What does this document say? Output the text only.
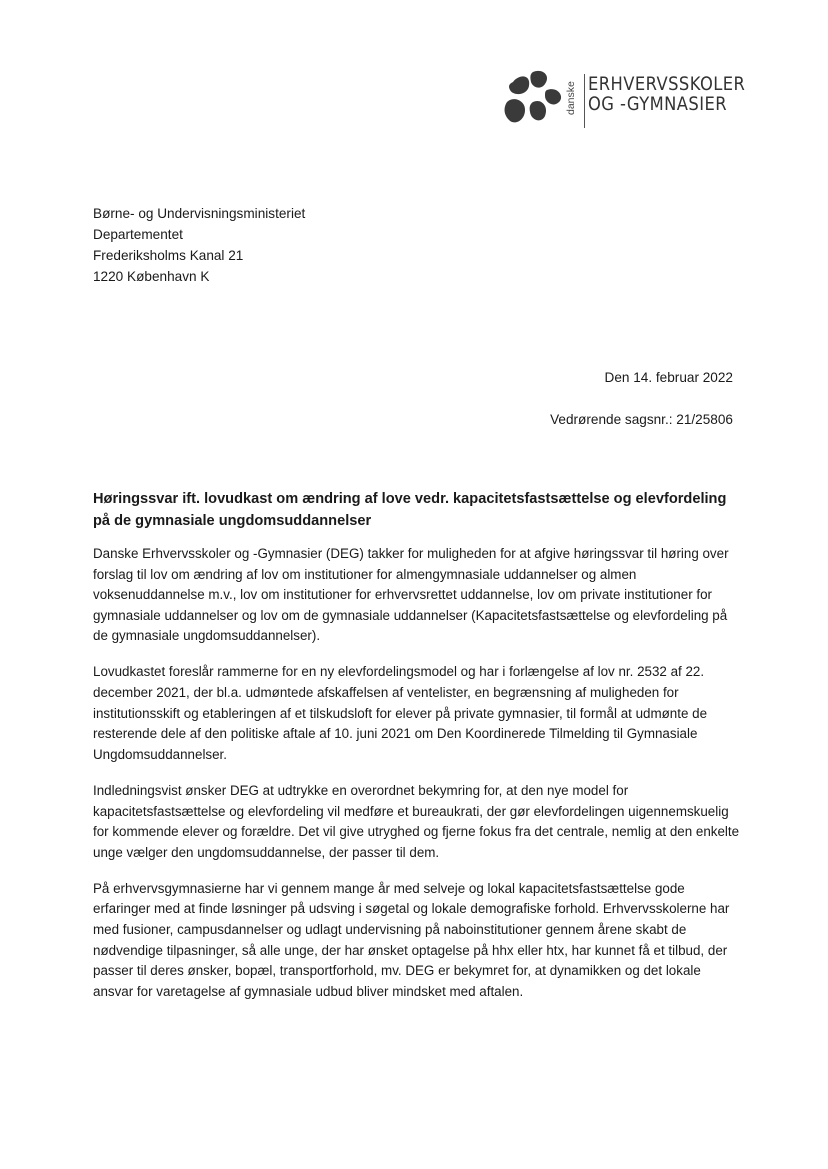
danske ERHVERVSSKOLER
OG -GYMNASIER
Børne- og Undervisningsministeriet
Departementet
Frederiksholms Kanal 21
1220 København K
Den 14. februar 2022
Vedrørende sagsnr.: 21/25806
Høringssvar ift. lovudkast om ændring af love vedr. kapacitetsfastsættelse og elevfordeling på de gymnasiale ungdomsuddannelser

Danske Erhvervsskoler og -Gymnasier (DEG) takker for muligheden for at afgive høringssvar til høring over forslag til lov om ændring af lov om institutioner for almengymnasiale uddannelser og almen voksenuddannelse m.v., lov om institutioner for erhvervsrettet uddannelse, lov om private institutioner for gymnasiale uddannelser og lov om de gymnasiale uddannelser (Kapacitetsfastsættelse og elevfordeling på de gymnasiale ungdomsuddannelser).

Lovudkastet foreslår rammerne for en ny elevfordelingsmodel og har i forlængelse af lov nr. 2532 af 22. december 2021, der bl.a. udmøntede afskaffelsen af ventelister, en begrænsning af muligheden for institutionsskift og etableringen af et tilskudsloft for elever på private gymnasier, til formål at udmønte de resterende dele af den politiske aftale af 10. juni 2021 om Den Koordinerede Tilmelding til Gymnasiale Ungdomsuddannelser.

Indledningsvist ønsker DEG at udtrykke en overordnet bekymring for, at den nye model for kapacitetsfastsættelse og elevfordeling vil medføre et bureaukrati, der gør elevfordelingen uigennemskuelig for kommende elever og forældre. Det vil give utryghed og fjerne fokus fra det centrale, nemlig at den enkelte unge vælger den ungdomsuddannelse, der passer til dem.

På erhvervsgymnasierne har vi gennem mange år med selveje og lokal kapacitetsfastsættelse gode erfaringer med at finde løsninger på udsving i søgetal og lokale demografiske forhold. Erhvervsskolerne har med fusioner, campusdannelser og udlagt undervisning på naboinstitutioner gennem årene skabt de nødvendige tilpasninger, så alle unge, der har ønsket optagelse på hhx eller htx, har kunnet få et tilbud, der passer til deres ønsker, bopæl, transportforhold, mv. DEG er bekymret for, at dynamikken og det lokale ansvar for varetagelse af gymnasiale udbud bliver mindsket med aftalen.
